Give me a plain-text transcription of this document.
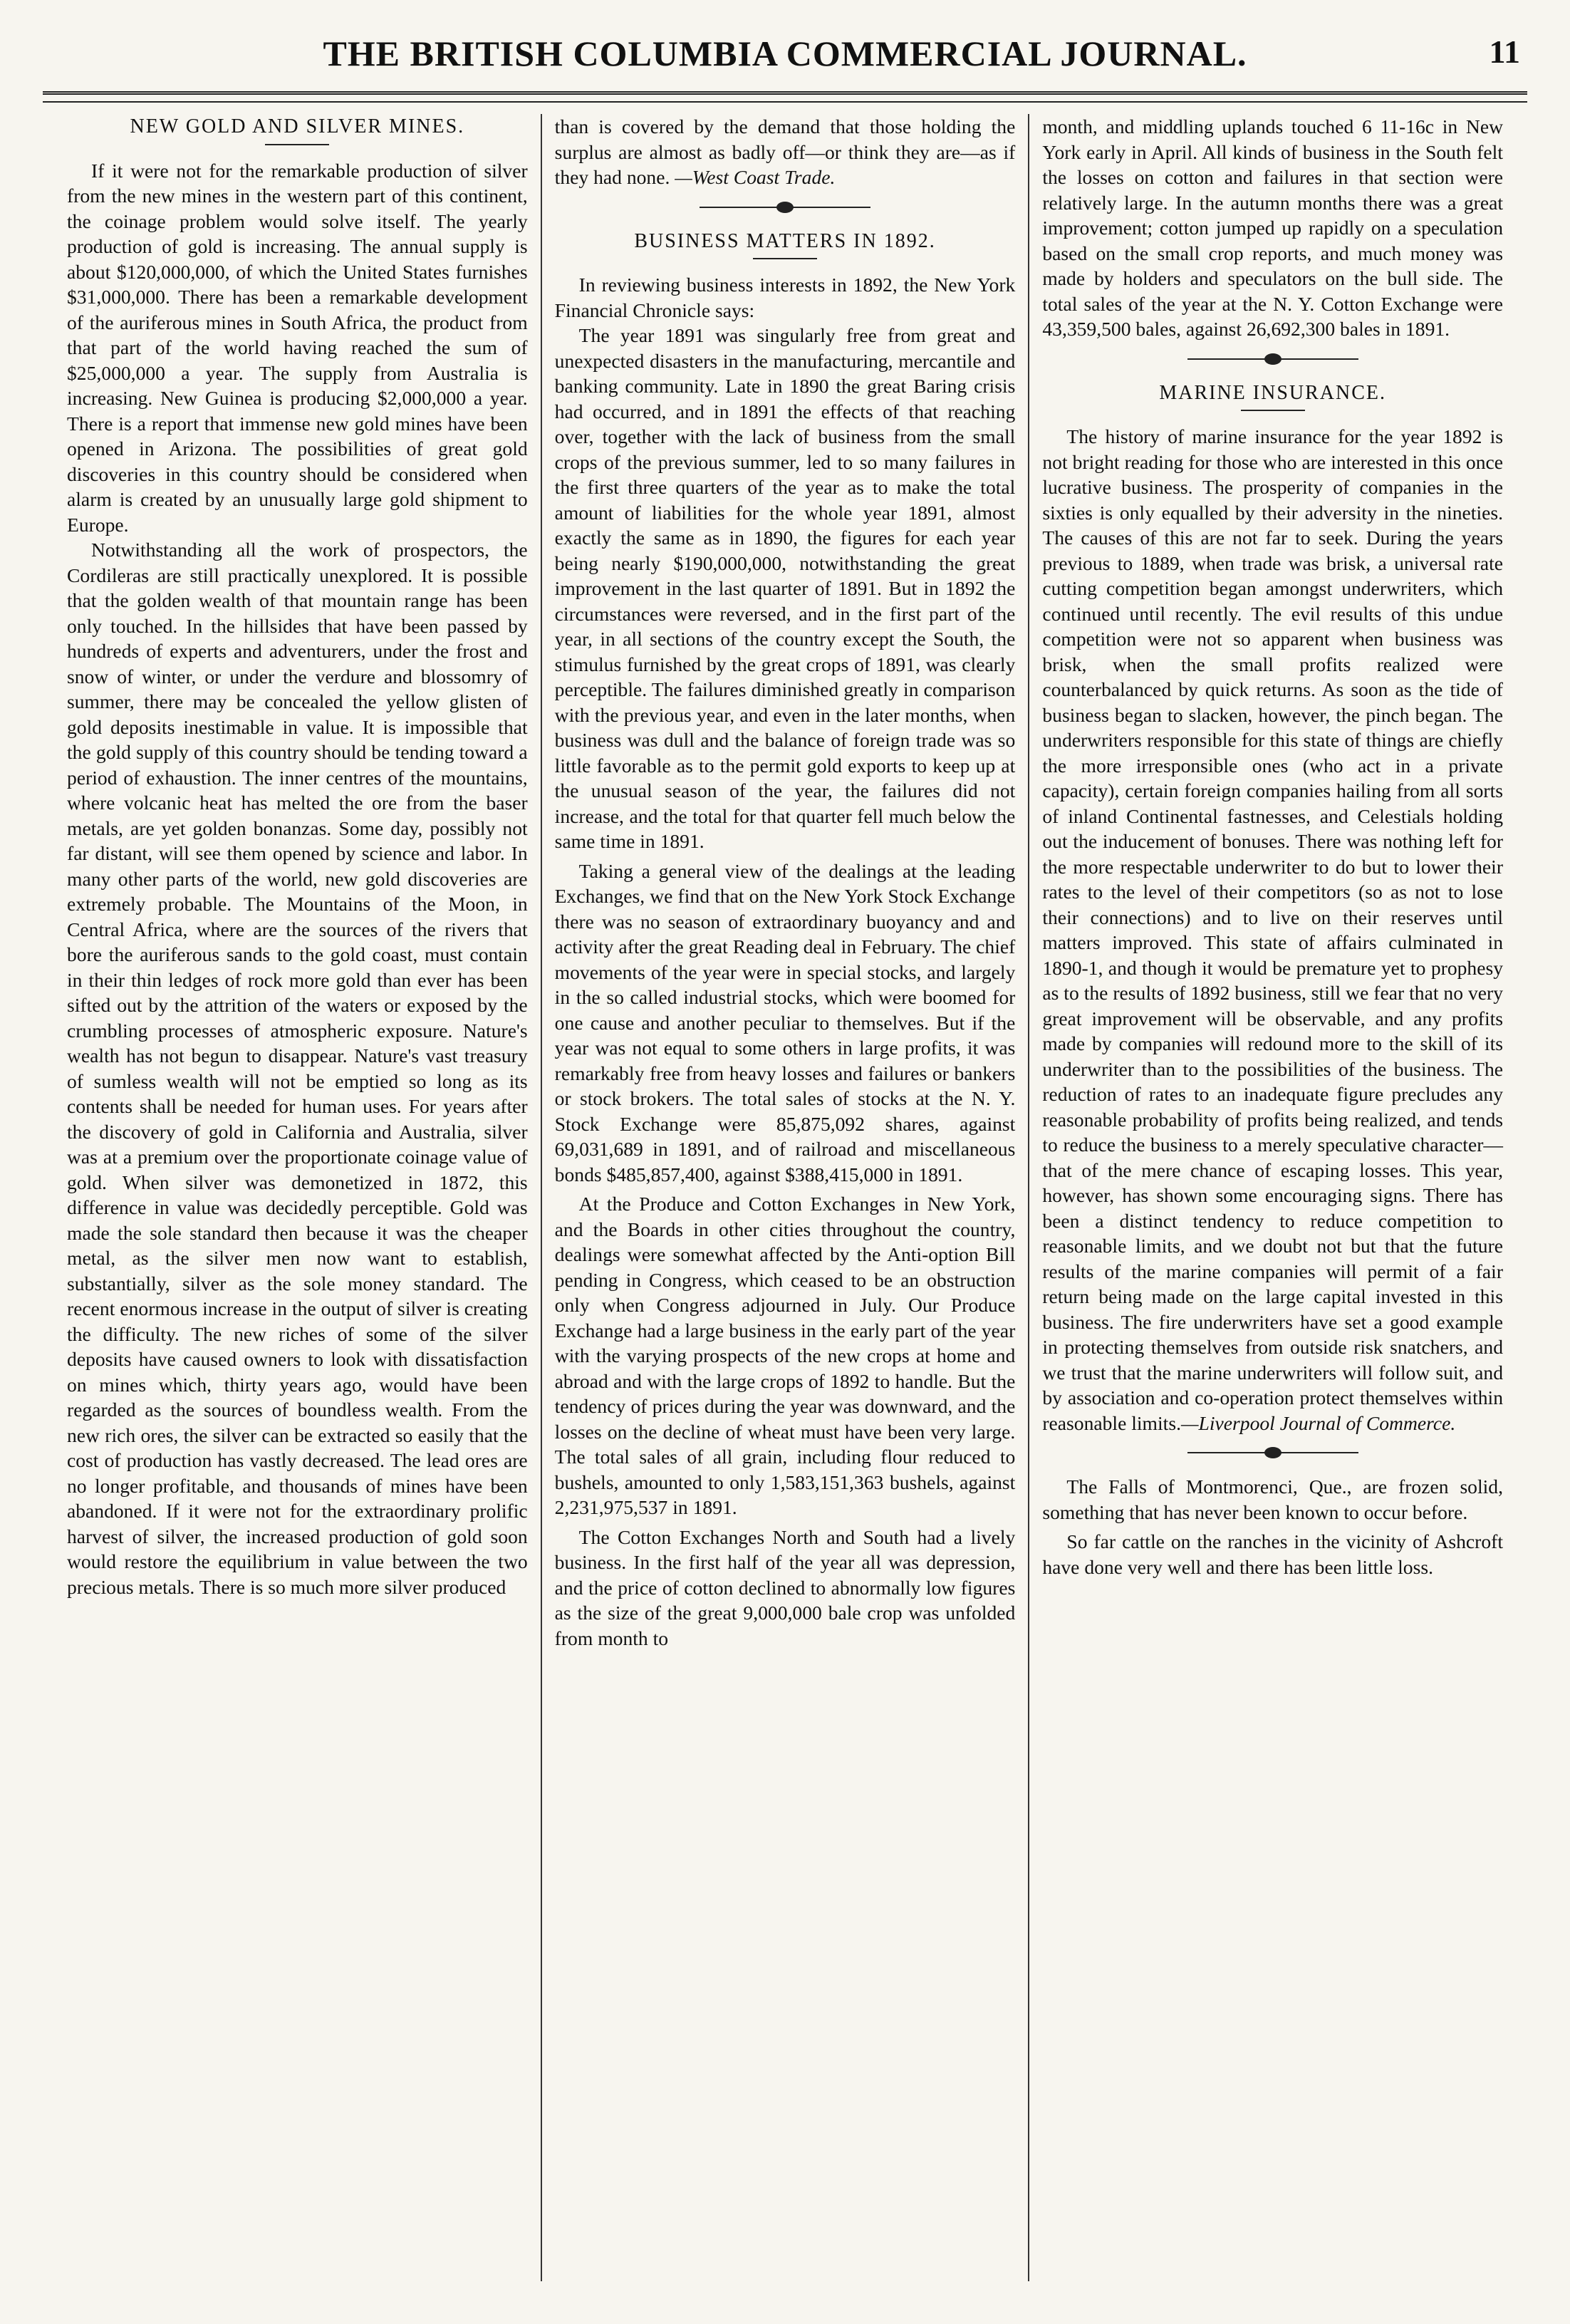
THE BRITISH COLUMBIA COMMERCIAL JOURNAL.	11

NEW GOLD AND SILVER MINES.

If it were not for the remarkable production of silver from the new mines in the western part of this continent, the coinage problem would solve itself. The yearly production of gold is increasing. The annual supply is about $120,000,000, of which the United States furnishes $31,000,000. There has been a remarkable development of the auriferous mines in South Africa, the product from that part of the world having reached the sum of $25,000,000 a year. The supply from Australia is increasing. New Guinea is producing $2,000,000 a year. There is a report that immense new gold mines have been opened in Arizona. The possibilities of great gold discoveries in this country should be considered when alarm is created by an unusually large gold shipment to Europe.

Notwithstanding all the work of prospectors, the Cordileras are still practically unexplored. It is possible that the golden wealth of that mountain range has been only touched. In the hillsides that have been passed by hundreds of experts and adventurers, under the frost and snow of winter, or under the verdure and blossomry of summer, there may be concealed the yellow glisten of gold deposits inestimable in value. It is impossible that the gold supply of this country should be tending toward a period of exhaustion. The inner centres of the mountains, where volcanic heat has melted the ore from the baser metals, are yet golden bonanzas. Some day, possibly not far distant, will see them opened by science and labor. In many other parts of the world, new gold discoveries are extremely probable. The Mountains of the Moon, in Central Africa, where are the sources of the rivers that bore the auriferous sands to the gold coast, must contain in their thin ledges of rock more gold than ever has been sifted out by the attrition of the waters or exposed by the crumbling processes of atmospheric exposure. Nature's wealth has not begun to disappear. Nature's vast treasury of sumless wealth will not be emptied so long as its contents shall be needed for human uses. For years after the discovery of gold in California and Australia, silver was at a premium over the proportionate coinage value of gold. When silver was demonetized in 1872, this difference in value was decidedly perceptible. Gold was made the sole standard then because it was the cheaper metal, as the silver men now want to establish, substantially, silver as the sole money standard. The recent enormous increase in the output of silver is creating the difficulty. The new riches of some of the silver deposits have caused owners to look with dissatisfaction on mines which, thirty years ago, would have been regarded as the sources of boundless wealth. From the new rich ores, the silver can be extracted so easily that the cost of production has vastly decreased. The lead ores are no longer profitable, and thousands of mines have been abandoned. If it were not for the extraordinary prolific harvest of silver, the increased production of gold soon would restore the equilibrium in value between the two precious metals. There is so much more silver produced

than is covered by the demand that those holding the surplus are almost as badly off—or think they are—as if they had none. —West Coast Trade.

BUSINESS MATTERS IN 1892.

In reviewing business interests in 1892, the New York Financial Chronicle says:

The year 1891 was singularly free from great and unexpected disasters in the manufacturing, mercantile and banking community. Late in 1890 the great Baring crisis had occurred, and in 1891 the effects of that reaching over, together with the lack of business from the small crops of the previous summer, led to so many failures in the first three quarters of the year as to make the total amount of liabilities for the whole year 1891, almost exactly the same as in 1890, the figures for each year being nearly $190,000,000, notwithstanding the great improvement in the last quarter of 1891. But in 1892 the circumstances were reversed, and in the first part of the year, in all sections of the country except the South, the stimulus furnished by the great crops of 1891, was clearly perceptible. The failures diminished greatly in comparison with the previous year, and even in the later months, when business was dull and the balance of foreign trade was so little favorable as to the permit gold exports to keep up at the unusual season of the year, the failures did not increase, and the total for that quarter fell much below the same time in 1891.

Taking a general view of the dealings at the leading Exchanges, we find that on the New York Stock Exchange there was no season of extraordinary buoyancy and and activity after the great Reading deal in February. The chief movements of the year were in special stocks, and largely in the so called industrial stocks, which were boomed for one cause and another peculiar to themselves. But if the year was not equal to some others in large profits, it was remarkably free from heavy losses and failures or bankers or stock brokers. The total sales of stocks at the N. Y. Stock Exchange were 85,875,092 shares, against 69,031,689 in 1891, and of railroad and miscellaneous bonds $485,857,400, against $388,415,000 in 1891.

At the Produce and Cotton Exchanges in New York, and the Boards in other cities throughout the country, dealings were somewhat affected by the Anti-option Bill pending in Congress, which ceased to be an obstruction only when Congress adjourned in July. Our Produce Exchange had a large business in the early part of the year with the varying prospects of the new crops at home and abroad and with the large crops of 1892 to handle. But the tendency of prices during the year was downward, and the losses on the decline of wheat must have been very large. The total sales of all grain, including flour reduced to bushels, amounted to only 1,583,151,363 bushels, against 2,231,975,537 in 1891.

The Cotton Exchanges North and South had a lively business. In the first half of the year all was depression, and the price of cotton declined to abnormally low figures as the size of the great 9,000,000 bale crop was unfolded from month to

month, and middling uplands touched 6 11-16c in New York early in April. All kinds of business in the South felt the losses on cotton and failures in that section were relatively large. In the autumn months there was a great improvement; cotton jumped up rapidly on a speculation based on the small crop reports, and much money was made by holders and speculators on the bull side. The total sales of the year at the N. Y. Cotton Exchange were 43,359,500 bales, against 26,692,300 bales in 1891.

MARINE INSURANCE.

The history of marine insurance for the year 1892 is not bright reading for those who are interested in this once lucrative business. The prosperity of companies in the sixties is only equalled by their adversity in the nineties. The causes of this are not far to seek. During the years previous to 1889, when trade was brisk, a universal rate cutting competition began amongst underwriters, which continued until recently. The evil results of this undue competition were not so apparent when business was brisk, when the small profits realized were counterbalanced by quick returns. As soon as the tide of business began to slacken, however, the pinch began. The underwriters responsible for this state of things are chiefly the more irresponsible ones (who act in a private capacity), certain foreign companies hailing from all sorts of inland Continental fastnesses, and Celestials holding out the inducement of bonuses. There was nothing left for the more respectable underwriter to do but to lower their rates to the level of their competitors (so as not to lose their connections) and to live on their reserves until matters improved. This state of affairs culminated in 1890-1, and though it would be premature yet to prophesy as to the results of 1892 business, still we fear that no very great improvement will be observable, and any profits made by companies will redound more to the skill of its underwriter than to the possibilities of the business. The reduction of rates to an inadequate figure precludes any reasonable probability of profits being realized, and tends to reduce the business to a merely speculative character—that of the mere chance of escaping losses. This year, however, has shown some encouraging signs. There has been a distinct tendency to reduce competition to reasonable limits, and we doubt not but that the future results of the marine companies will permit of a fair return being made on the large capital invested in this business. The fire underwriters have set a good example in protecting themselves from outside risk snatchers, and we trust that the marine underwriters will follow suit, and by association and co-operation protect themselves within reasonable limits.—Liverpool Journal of Commerce.

The Falls of Montmorenci, Que., are frozen solid, something that has never been known to occur before.

So far cattle on the ranches in the vicinity of Ashcroft have done very well and there has been little loss.
